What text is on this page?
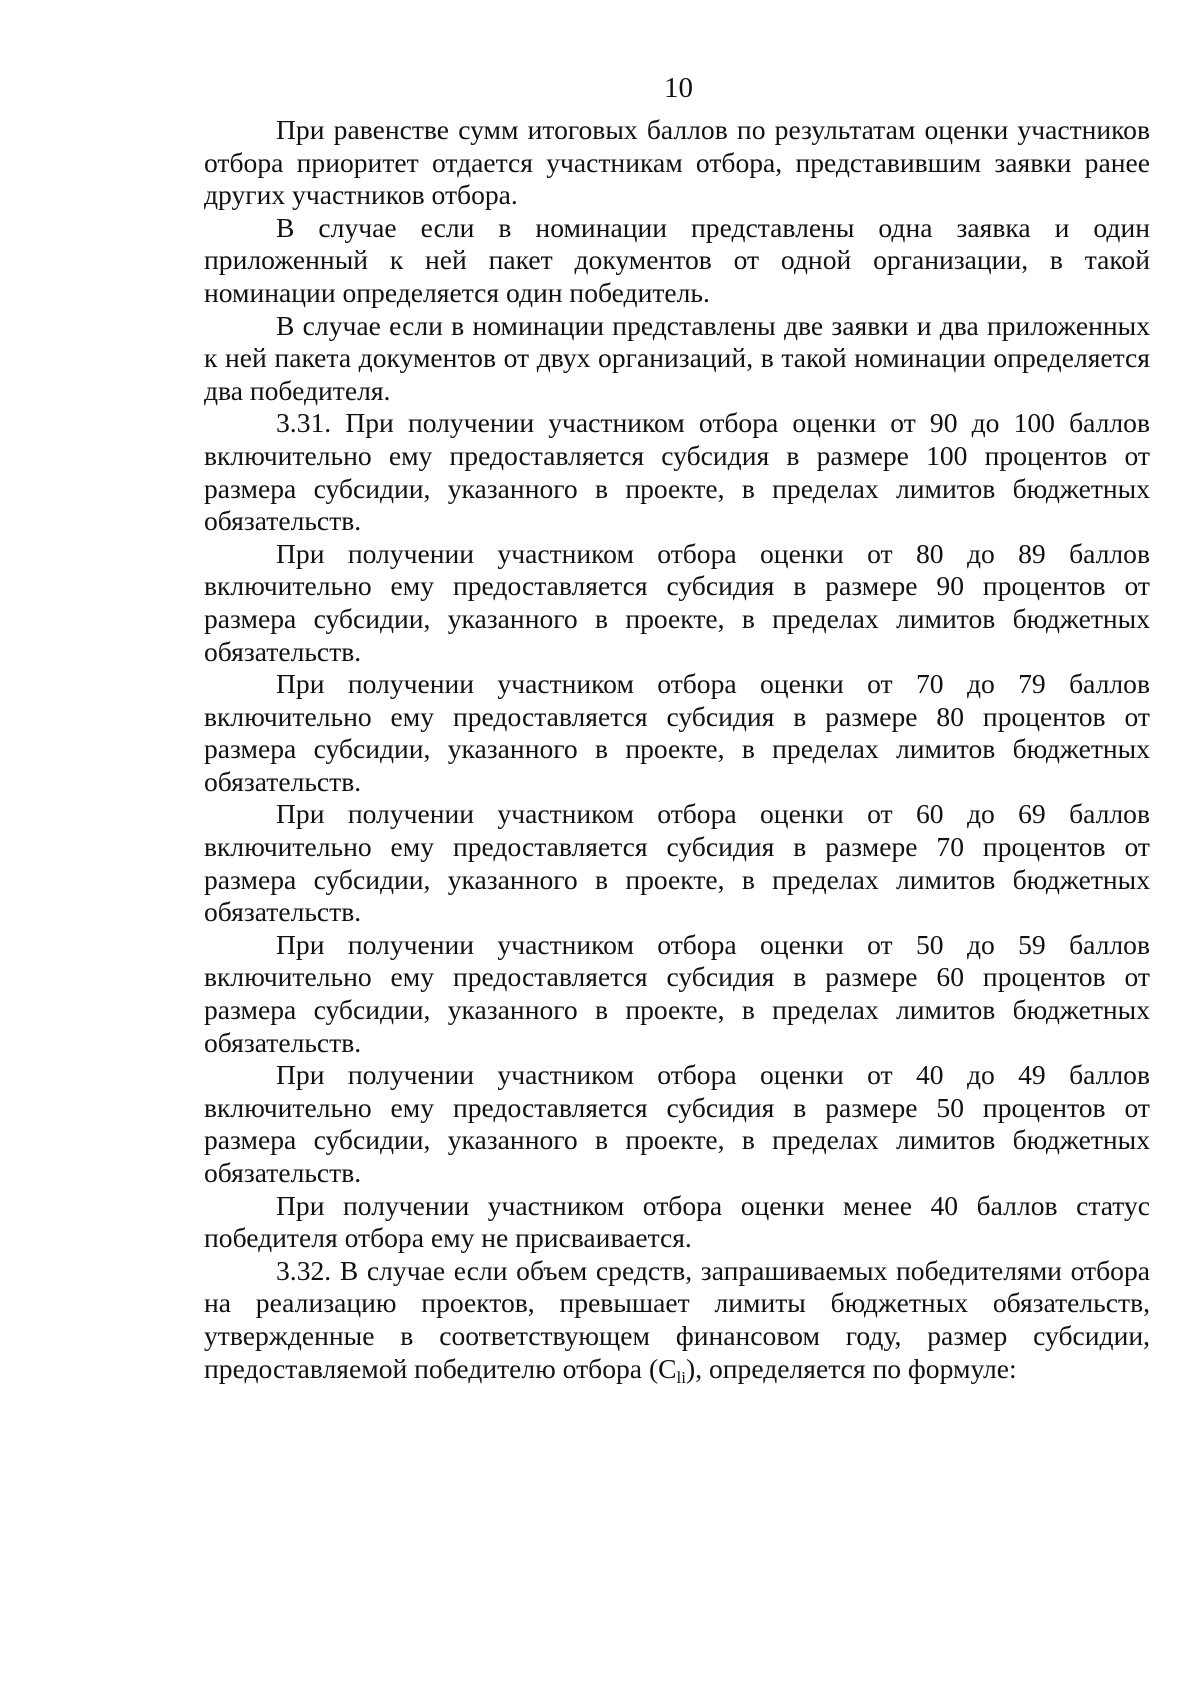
10

При равенстве сумм итоговых баллов по результатам оценки участников отбора приоритет отдается участникам отбора, представившим заявки ранее других участников отбора.

В случае если в номинации представлены одна заявка и один приложенный к ней пакет документов от одной организации, в такой номинации определяется один победитель.

В случае если в номинации представлены две заявки и два приложенных к ней пакета документов от двух организаций, в такой номинации определяется два победителя.

3.31. При получении участником отбора оценки от 90 до 100 баллов включительно ему предоставляется субсидия в размере 100 процентов от размера субсидии, указанного в проекте, в пределах лимитов бюджетных обязательств.

При получении участником отбора оценки от 80 до 89 баллов включительно ему предоставляется субсидия в размере 90 процентов от размера субсидии, указанного в проекте, в пределах лимитов бюджетных обязательств.

При получении участником отбора оценки от 70 до 79 баллов включительно ему предоставляется субсидия в размере 80 процентов от размера субсидии, указанного в проекте, в пределах лимитов бюджетных обязательств.

При получении участником отбора оценки от 60 до 69 баллов включительно ему предоставляется субсидия в размере 70 процентов от размера субсидии, указанного в проекте, в пределах лимитов бюджетных обязательств.

При получении участником отбора оценки от 50 до 59 баллов включительно ему предоставляется субсидия в размере 60 процентов от размера субсидии, указанного в проекте, в пределах лимитов бюджетных обязательств.

При получении участником отбора оценки от 40 до 49 баллов включительно ему предоставляется субсидия в размере 50 процентов от размера субсидии, указанного в проекте, в пределах лимитов бюджетных обязательств.

При получении участником отбора оценки менее 40 баллов статус победителя отбора ему не присваивается.

3.32. В случае если объем средств, запрашиваемых победителями отбора на реализацию проектов, превышает лимиты бюджетных обязательств, утвержденные в соответствующем финансовом году, размер субсидии, предоставляемой победителю отбора $(C_{li})$, определяется по формуле:
